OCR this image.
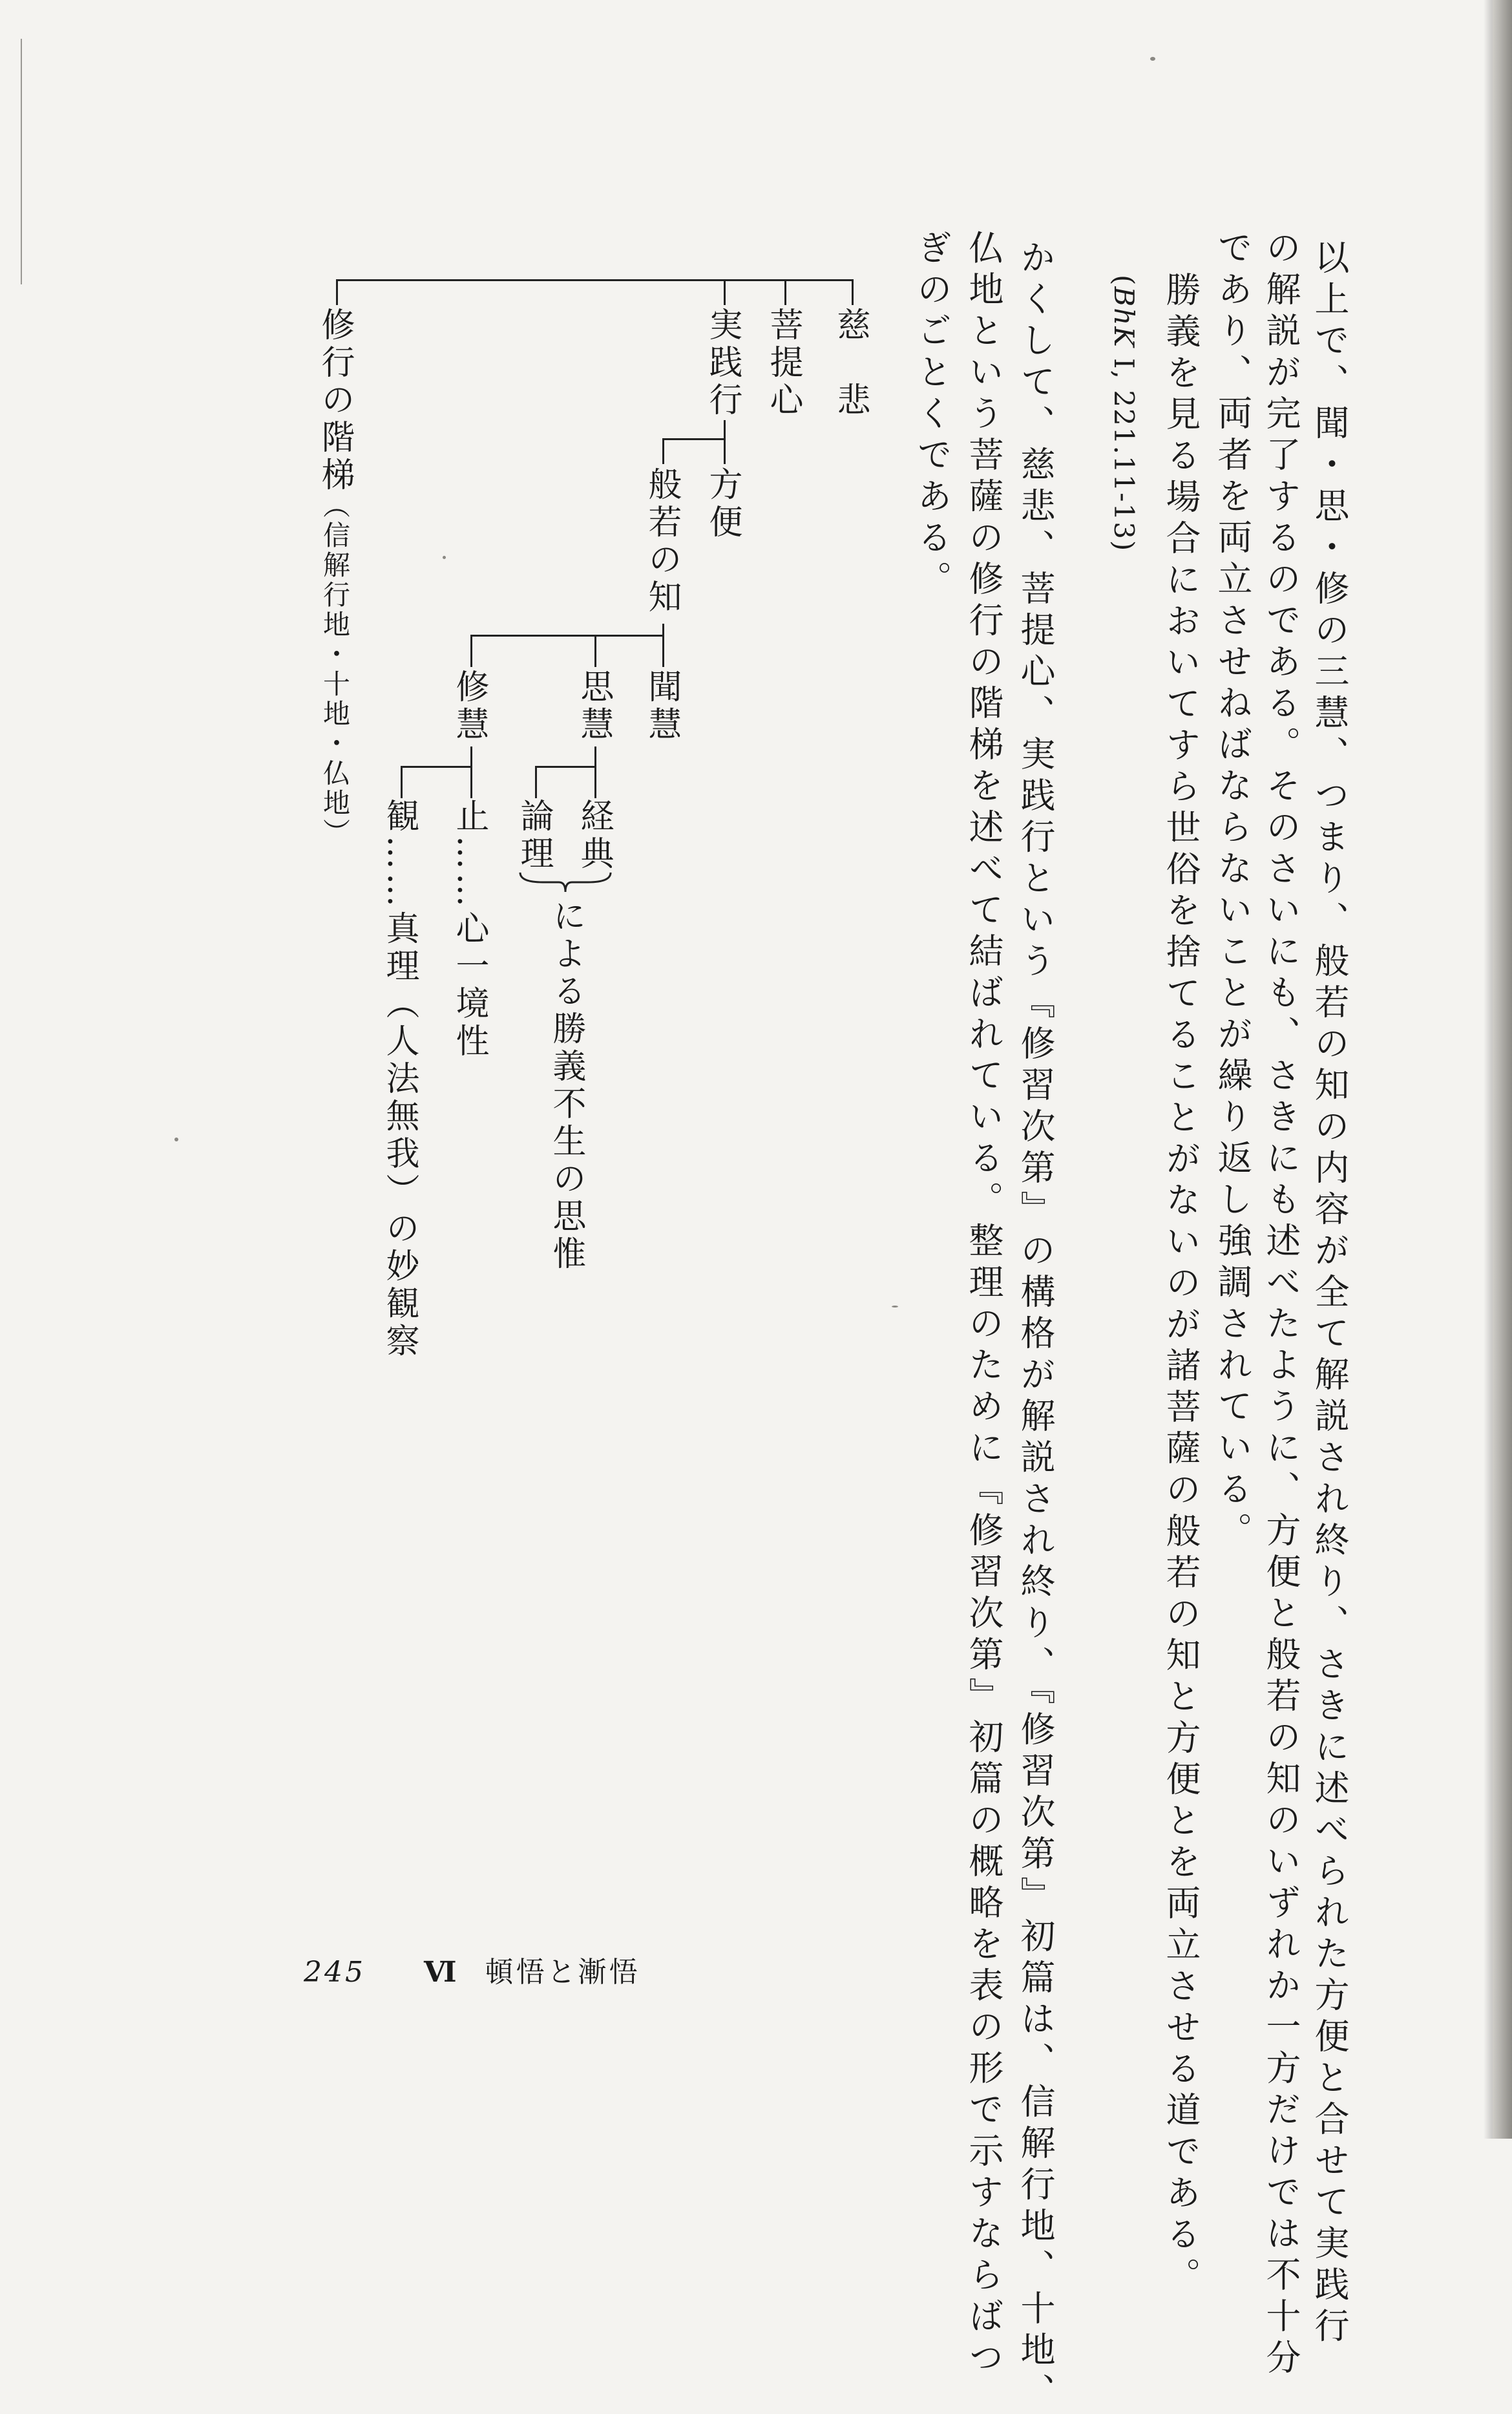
以上で、聞・思・修の三慧、つまり、般若の知の内容が全て解説され終り、さきに述べられた方便と合せて実践行
の解説が完了するのである。そのさいにも、さきにも述べたように、方便と般若の知のいずれか一方だけでは不十分
であり、両者を両立させねばならないことが繰り返し強調されている。
勝義を見る場合においてすら世俗を捨てることがないのが諸菩薩の般若の知と方便とを両立させる道である。
(BhK I, 221.11-13)
かくして、慈悲、菩提心、実践行という『修習次第』の構格が解説され終り、『修習次第』初篇は、信解行地、十地、
仏地という菩薩の修行の階梯を述べて結ばれている。整理のために『修習次第』初篇の概略を表の形で示すならばつ
ぎのごとくである。
慈　悲
菩提心
実践行
方便
般若の知
聞慧
思慧
修慧
経典
論理
による勝義不生の思惟
止……心一境性
観……真理（人法無我）の妙観察
修行の階梯
（信解行地・十地・仏地）
245 Ⅵ 頓悟と漸悟
